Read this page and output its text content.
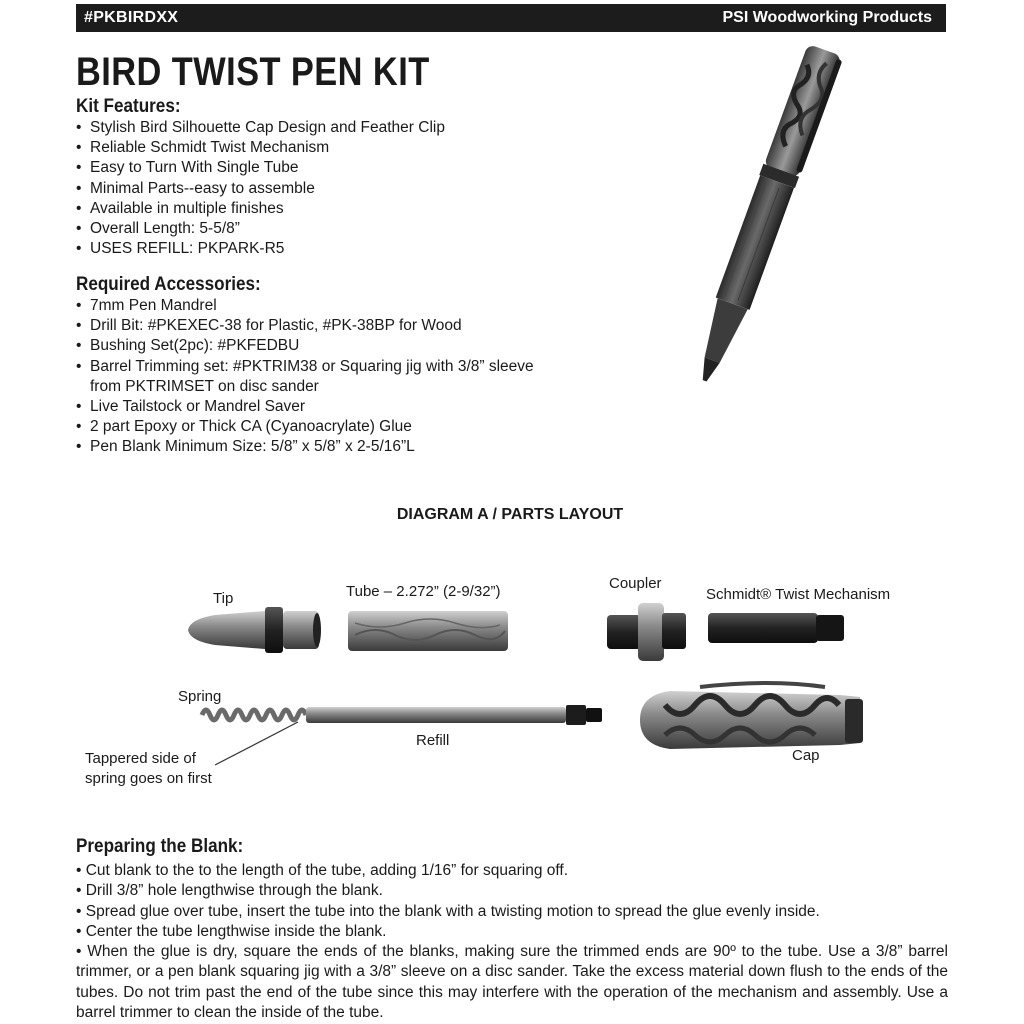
#PKBIRDXX	PSI Woodworking Products
BIRD TWIST PEN KIT
Kit Features:
• Stylish Bird Silhouette Cap Design and Feather Clip
• Reliable Schmidt Twist Mechanism
• Easy to Turn With Single Tube
• Minimal Parts--easy to assemble
• Available in multiple finishes
• Overall Length: 5-5/8”
• USES REFILL: PKPARK-R5
Required Accessories:
• 7mm Pen Mandrel
• Drill Bit: #PKEXEC-38 for Plastic, #PK-38BP for Wood
• Bushing Set(2pc): #PKFEDBU
• Barrel Trimming set: #PKTRIM38 or Squaring jig with 3/8” sleeve
from PKTRIMSET on disc sander
• Live Tailstock or Mandrel Saver
• 2 part Epoxy or Thick CA (Cyanoacrylate) Glue
• Pen Blank Minimum Size: 5/8” x 5/8” x 2-5/16”L
DIAGRAM A / PARTS LAYOUT
Tip	Tube – 2.272” (2-9/32”)	Coupler
Schmidt® Twist Mechanism
Spring
Refill
Cap
Tappered side of
spring goes on first
Preparing the Blank:

• Cut blank to the to the length of the tube, adding 1/16” for squaring off.

• Drill 3/8” hole lengthwise through the blank.

• Spread glue over tube, insert the tube into the blank with a twisting motion to spread the glue evenly inside.

• Center the tube lengthwise inside the blank.

• When the glue is dry, square the ends of the blanks, making sure the trimmed ends are 90º to the tube. Use a 3/8” barrel trimmer, or a pen blank squaring jig with a 3/8” sleeve on a disc sander. Take the excess material down flush to the ends of the tubes. Do not trim past the end of the tube since this may interfere with the operation of the mechanism and assembly. Use a barrel trimmer to clean the inside of the tube.
